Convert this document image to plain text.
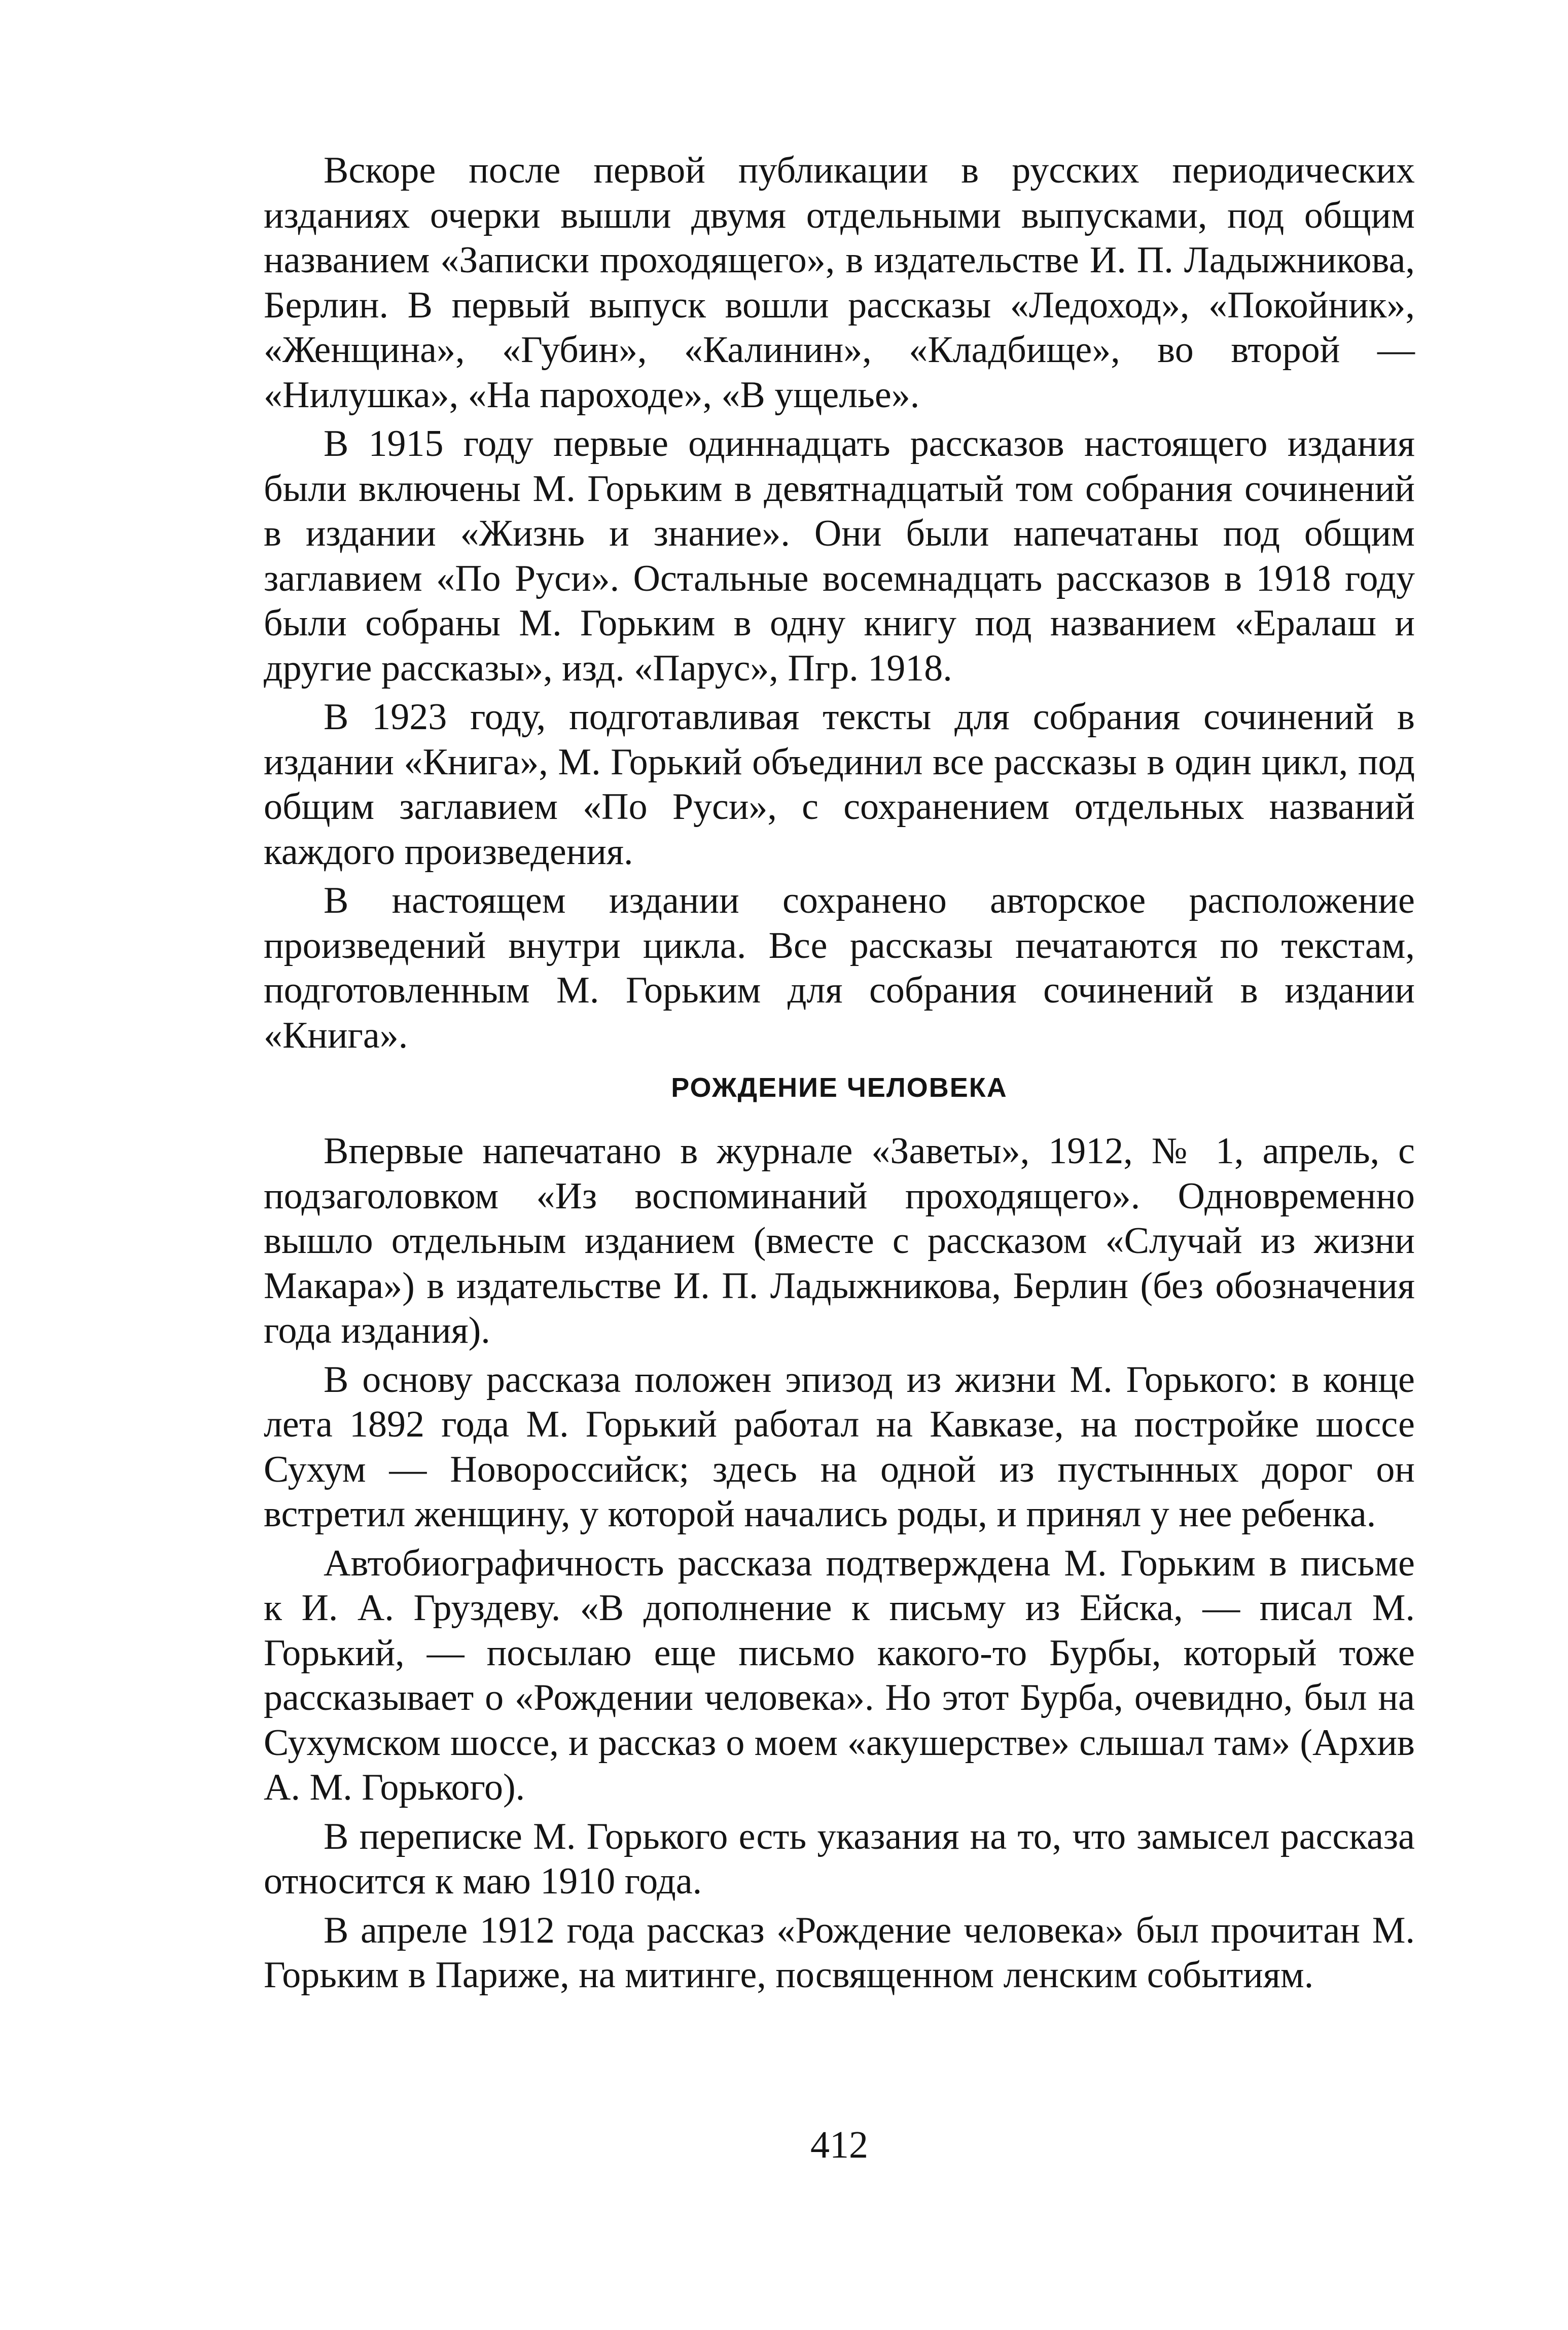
Вскоре после первой публикации в русских периодических изданиях очерки вышли двумя отдельными выпусками, под общим названием «Записки проходящего», в издательстве И. П. Ладыжникова, Берлин. В первый выпуск вошли рассказы «Ледоход», «Покойник», «Женщина», «Губин», «Калинин», «Кладбище», во второй — «Нилушка», «На пароходе», «В ущелье».

В 1915 году первые одиннадцать рассказов настоящего издания были включены М. Горьким в девятнадцатый том собрания сочинений в издании «Жизнь и знание». Они были напечатаны под общим заглавием «По Руси». Остальные восемнадцать рассказов в 1918 году были собраны М. Горьким в одну книгу под названием «Ералаш и другие рассказы», изд. «Парус», Пгр. 1918.

В 1923 году, подготавливая тексты для собрания сочинений в издании «Книга», М. Горький объединил все рассказы в один цикл, под общим заглавием «По Руси», с сохранением отдельных названий каждого произведения.

В настоящем издании сохранено авторское расположение произведений внутри цикла. Все рассказы печатаются по текстам, подготовленным М. Горьким для собрания сочинений в издании «Книга».

РОЖДЕНИЕ ЧЕЛОВЕКА

Впервые напечатано в журнале «Заветы», 1912, № 1, апрель, с подзаголовком «Из воспоминаний проходящего». Одновременно вышло отдельным изданием (вместе с рассказом «Случай из жизни Макара») в издательстве И. П. Ладыжникова, Берлин (без обозначения года издания).

В основу рассказа положен эпизод из жизни М. Горького: в конце лета 1892 года М. Горький работал на Кавказе, на постройке шоссе Сухум — Новороссийск; здесь на одной из пустынных дорог он встретил женщину, у которой начались роды, и принял у нее ребенка.

Автобиографичность рассказа подтверждена М. Горьким в письме к И. А. Груздеву. «В дополнение к письму из Ейска, — писал М. Горький, — посылаю еще письмо какого-то Бурбы, который тоже рассказывает о «Рождении человека». Но этот Бурба, очевидно, был на Сухумском шоссе, и рассказ о моем «акушерстве» слышал там» (Архив А. М. Горького).

В переписке М. Горького есть указания на то, что замысел рассказа относится к маю 1910 года.

В апреле 1912 года рассказ «Рождение человека» был прочитан М. Горьким в Париже, на митинге, посвященном ленским событиям.

412
